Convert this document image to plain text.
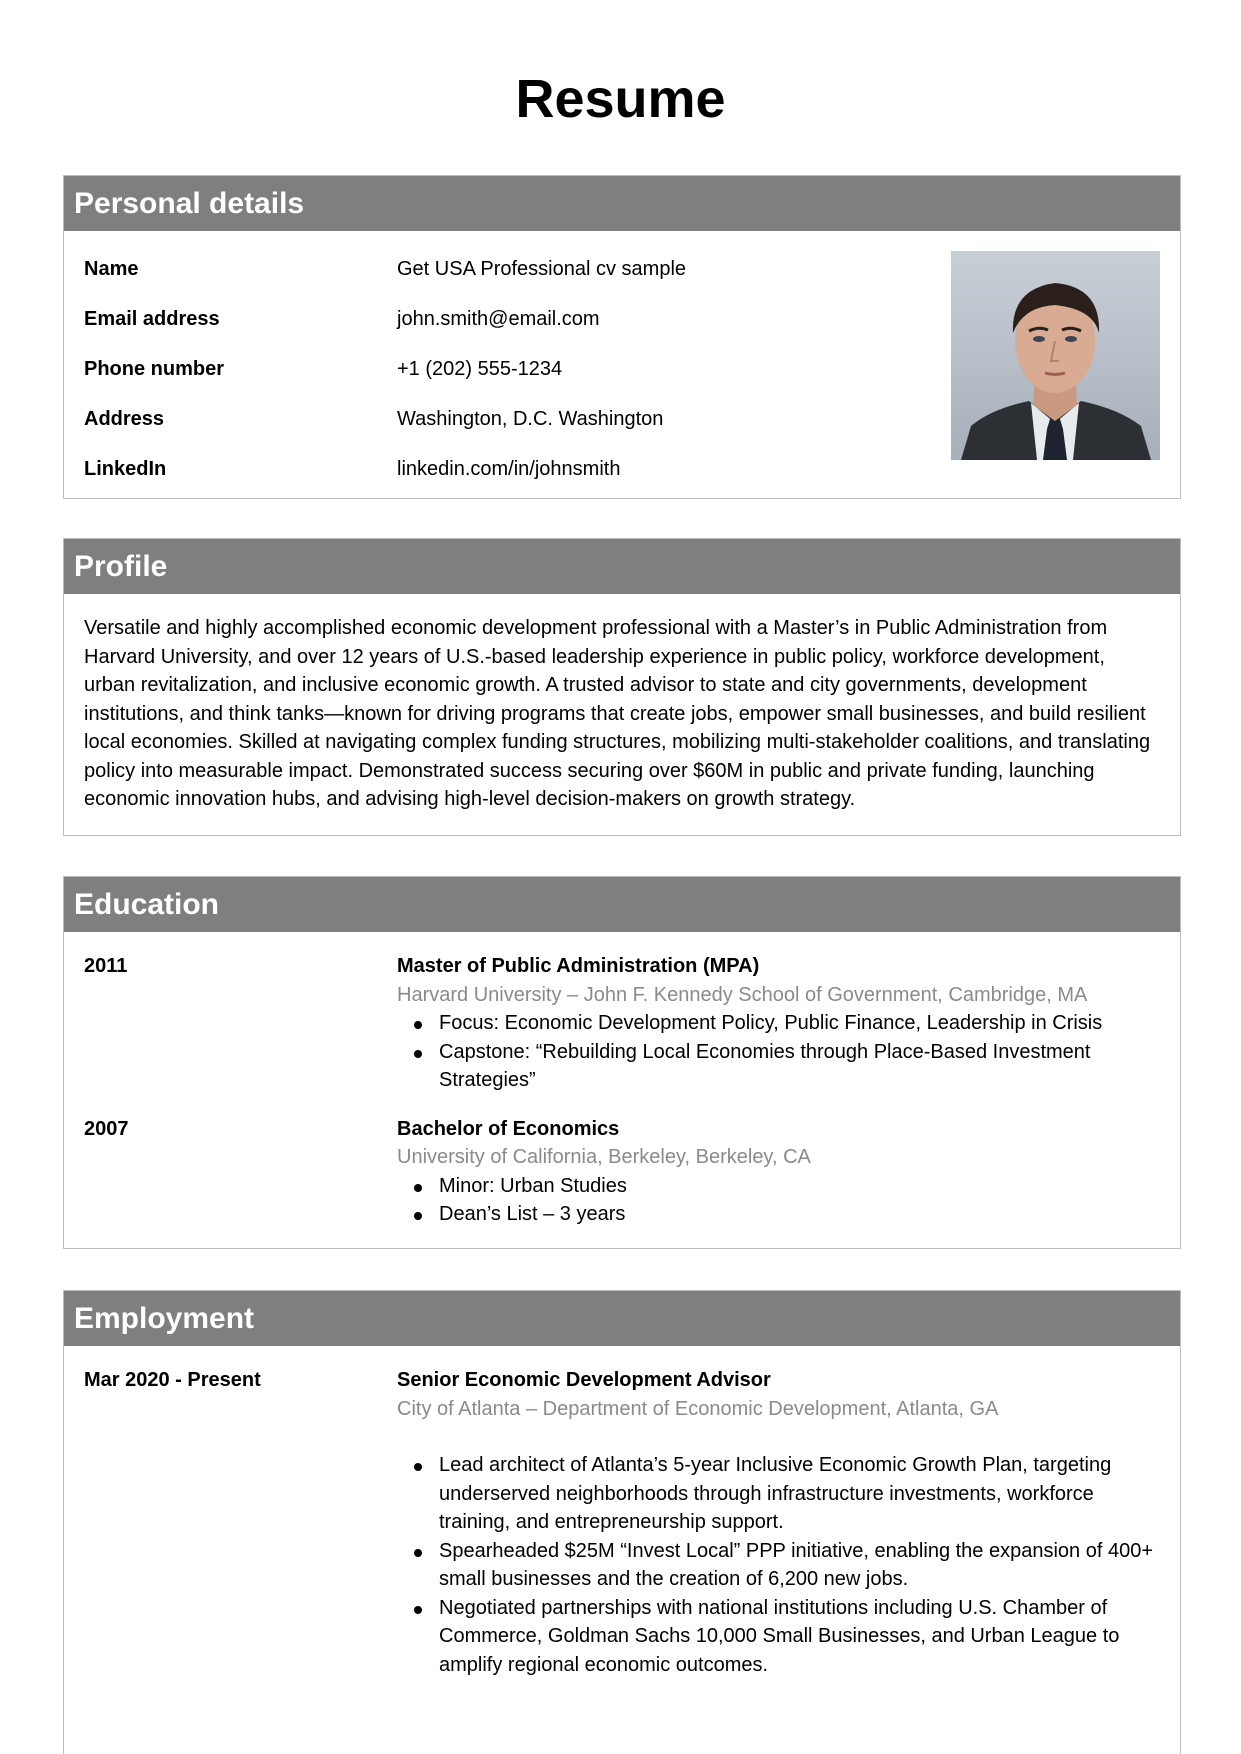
Resume
Personal details
Name	Get USA Professional cv sample
Email address	john.smith@email.com
Phone number	+1 (202) 555-1234
Address	Washington, D.C. Washington
LinkedIn	linkedin.com/in/johnsmith
Profile
Versatile and highly accomplished economic development professional with a Master’s in Public Administration from Harvard University, and over 12 years of U.S.-based leadership experience in public policy, workforce development, urban revitalization, and inclusive economic growth. A trusted advisor to state and city governments, development institutions, and think tanks—known for driving programs that create jobs, empower small businesses, and build resilient local economies. Skilled at navigating complex funding structures, mobilizing multi-stakeholder coalitions, and translating policy into measurable impact. Demonstrated success securing over $60M in public and private funding, launching economic innovation hubs, and advising high-level decision-makers on growth strategy.
Education
2011	Master of Public Administration (MPA)
Harvard University – John F. Kennedy School of Government, Cambridge, MA
Focus: Economic Development Policy, Public Finance, Leadership in Crisis
Capstone: “Rebuilding Local Economies through Place-Based Investment Strategies”
2007	Bachelor of Economics
University of California, Berkeley, Berkeley, CA
Minor: Urban Studies
Dean’s List – 3 years
Employment
Mar 2020 - Present	Senior Economic Development Advisor
City of Atlanta – Department of Economic Development, Atlanta, GA
Lead architect of Atlanta’s 5-year Inclusive Economic Growth Plan, targeting underserved neighborhoods through infrastructure investments, workforce training, and entrepreneurship support.
Spearheaded $25M “Invest Local” PPP initiative, enabling the expansion of 400+ small businesses and the creation of 6,200 new jobs.
Negotiated partnerships with national institutions including U.S. Chamber of Commerce, Goldman Sachs 10,000 Small Businesses, and Urban League to amplify regional economic outcomes.
